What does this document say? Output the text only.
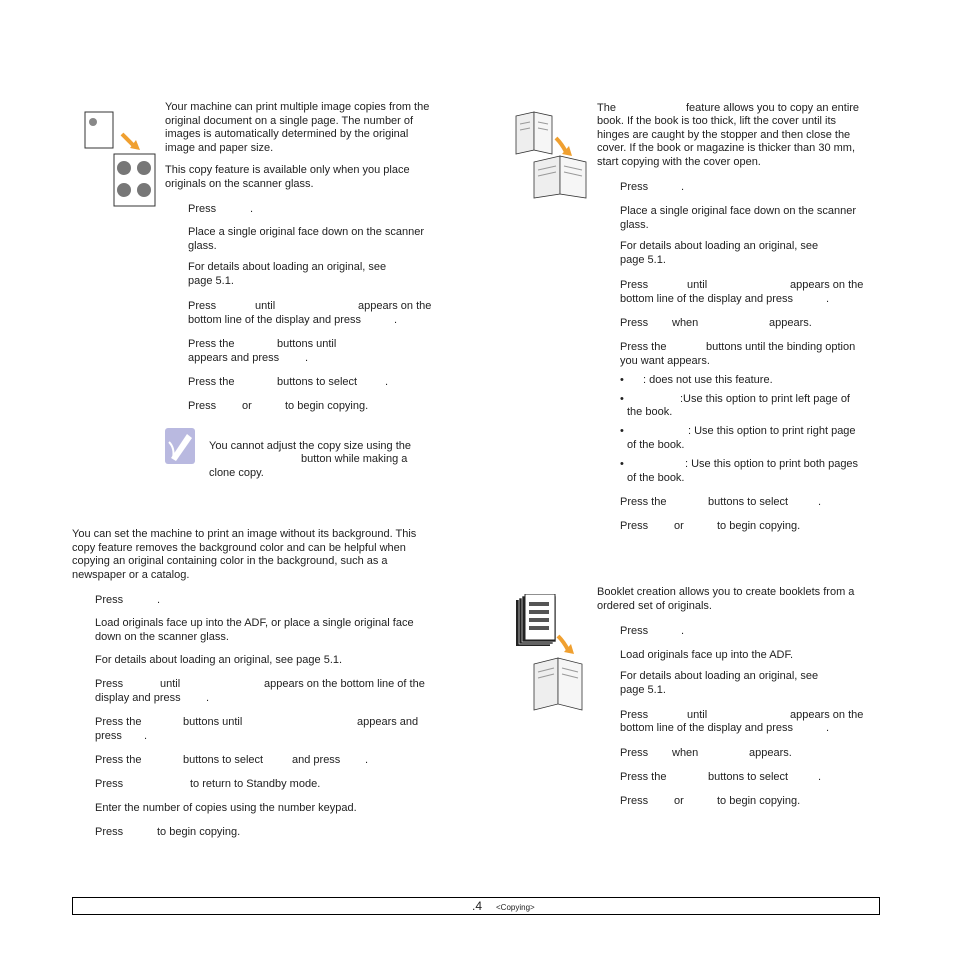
Your machine can print multiple image copies from the
original document on a single page. The number of
images is automatically determined by the original
image and paper size.
This copy feature is available only when you place
originals on the scanner glass.
Press	.
Place a single original face down on the scanner
glass.
For details about loading an original, see
page 5.1.
Press	until	appears on the
bottom line of the display and press	.
Press the	buttons until
appears and press .
Press the	buttons to select	.
Press or	to begin copying.
You cannot adjust the copy size using the
button while making a
clone copy.
You can set the machine to print an image without its background. This
copy feature removes the background color and can be helpful when
copying an original containing color in the background, such as a
newspaper or a catalog.
Press	.
Load originals face up into the ADF, or place a single original face
down on the scanner glass.
For details about loading an original, see page 5.1.
Press	until	appears on the bottom line of the
display and press .
Press the	buttons until	appears and
press .
Press the	buttons to select	and press .
Press	to return to Standby mode.
Enter the number of copies using the number keypad.
Press	to begin copying.
The	feature allows you to copy an entire
book. If the book is too thick, lift the cover until its
hinges are caught by the stopper and then close the
cover. If the book or magazine is thicker than 30 mm,
start copying with the cover open.
Press	.
Place a single original face down on the scanner
glass.
For details about loading an original, see
page 5.1.
Press	until	appears on the
bottom line of the display and press	.
Press when	appears.
Press the	buttons until the binding option
you want appears.
• : does not use this feature.
•	:Use this option to print left page of
the book.
•	: Use this option to print right page
of the book.
•	: Use this option to print both pages
of the book.
Press the	buttons to select	.
Press or	to begin copying.
Booklet creation allows you to create booklets from a
ordered set of originals.
Press	.
Load originals face up into the ADF.
For details about loading an original, see
page 5.1.
Press	until	appears on the
bottom line of the display and press	.
Press when	appears.
Press the	buttons to select	.
Press or	to begin copying.
.4 <Copying>
